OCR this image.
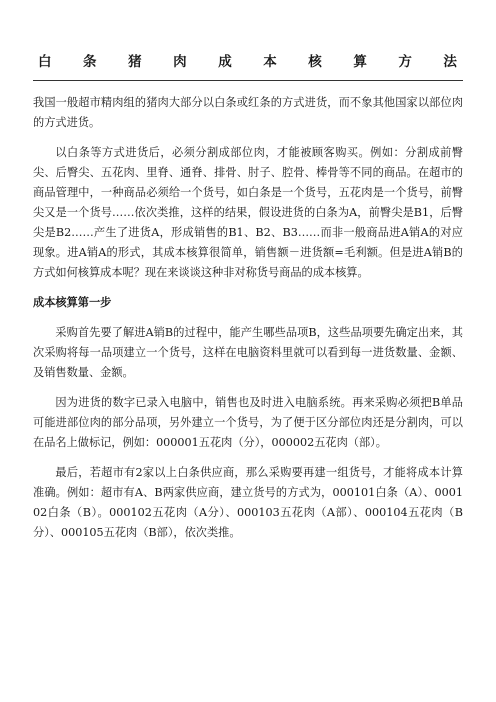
白 条 猪 肉 成 本 核 算 方 法

我国一般超市精肉组的猪肉大部分以白条或红条的方式进货，而不象其他国家以部位肉的方式进货。

以白条等方式进货后，必须分割成部位肉，才能被顾客购买。例如：分割成前臀尖、后臀尖、五花肉、里脊、通脊、排骨、肘子、腔骨、棒骨等不同的商品。在超市的商品管理中，一种商品必须给一个货号，如白条是一个货号，五花肉是一个货号，前臀尖又是一个货号……依次类推，这样的结果，假设进货的白条为A，前臀尖是B1，后臀尖是B2……产生了进货A，形成销售的B1、B2、B3……而非一般商品进A销A的对应现象。进A销A的形式，其成本核算很简单，销售额－进货额=毛利额。但是进A销B的方式如何核算成本呢？现在来谈谈这种非对称货号商品的成本核算。

成本核算第一步

采购首先要了解进A销B的过程中，能产生哪些品项B，这些品项要先确定出来，其次采购将每一品项建立一个货号，这样在电脑资料里就可以看到每一进货数量、金额、及销售数量、金额。

因为进货的数字已录入电脑中，销售也及时进入电脑系统。再来采购必须把B单品可能进部位肉的部分品项，另外建立一个货号，为了便于区分部位肉还是分割肉，可以在品名上做标记，例如：000001五花肉（分），000002五花肉（部）。

最后，若超市有2家以上白条供应商，那么采购要再建一组货号，才能将成本计算准确。例如：超市有A、B两家供应商，建立货号的方式为，000101白条（A）、000102白条（B）。000102五花肉（A分）、000103五花肉（A部）、000104五花肉（B分）、000105五花肉（B部），依次类推。
